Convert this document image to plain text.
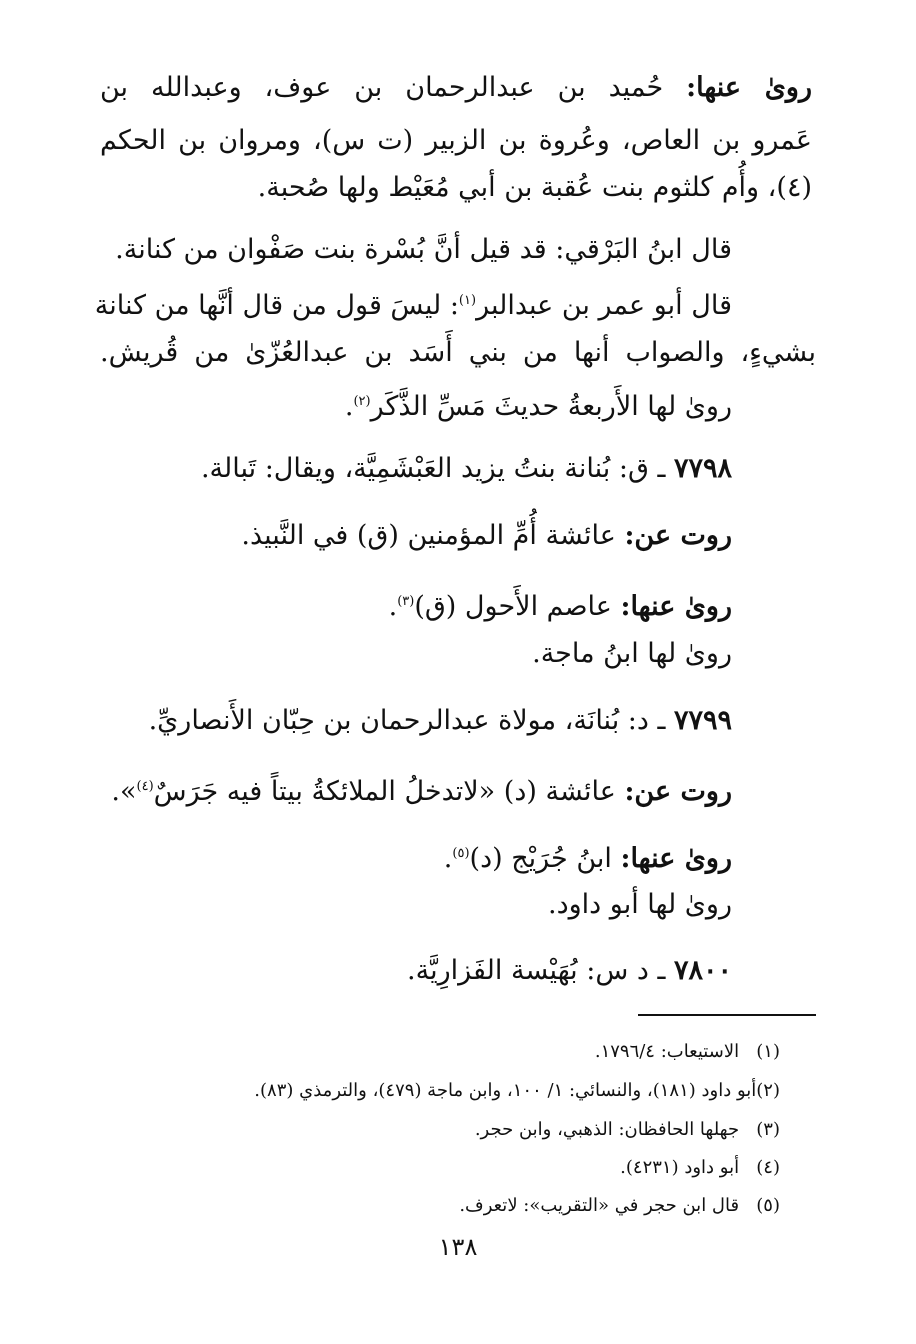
رویٰ عنها: حُميد بن عبدالرحمان بن عوف، وعبدالله بن

عَمرو بن العاص، وعُروة بن الزبير (ت س)، ومروان بن الحكم

(٤)، وأُم كلثوم بنت عُقبة بن أبي مُعَيْط ولها صُحبة.

قال ابنُ البَرْقي: قد قيل أنَّ بُسْرة بنت صَفْوان من كنانة.

قال أبو عمر بن عبدالبر$^{(١)}$: ليسَ قول من قال أنَّها من كنانة

بشيءٍ، والصواب أنها من بني أَسَد بن عبدالعُزّىٰ من قُريش.

رویٰ لها الأَربعةُ حديثَ مَسِّ الذَّكَر$^{(٢)}$.

٧٧٩٨ ـ ق: بُنانة بنتُ يزيد العَبْشَمِيَّة، ويقال: تَبالة.

روت عن: عائشة أُمِّ المؤمنين (ق) في النَّبيذ.

رویٰ عنها: عاصم الأَحول (ق)$^{(٣)}$.

رویٰ لها ابنُ ماجة.

٧٧٩٩ ـ د: بُنانَة، مولاة عبدالرحمان بن حِبّان الأَنصاريِّ.

روت عن: عائشة (د) «لاتدخلُ الملائكةُ بيتاً فيه جَرَسٌ$^{(٤)}$».

رویٰ عنها: ابنُ جُرَيْج (د)$^{(٥)}$.

رویٰ لها أبو داود.

٧٨٠٠ ـ د س: بُهَيْسة الفَزارِيَّة.

(١)   الاستيعاب: ١٧٩٦/٤.

(٢)أبو داود (١٨١)، والنسائي: ١/ ١٠٠، وابن ماجة (٤٧٩)، والترمذي (٨٣).

(٣)   جهلها الحافظان: الذهبي، وابن حجر.

(٤)   أبو داود (٤٢٣١).

(٥)   قال ابن حجر في «التقريب»: لاتعرف.

١٣٨
